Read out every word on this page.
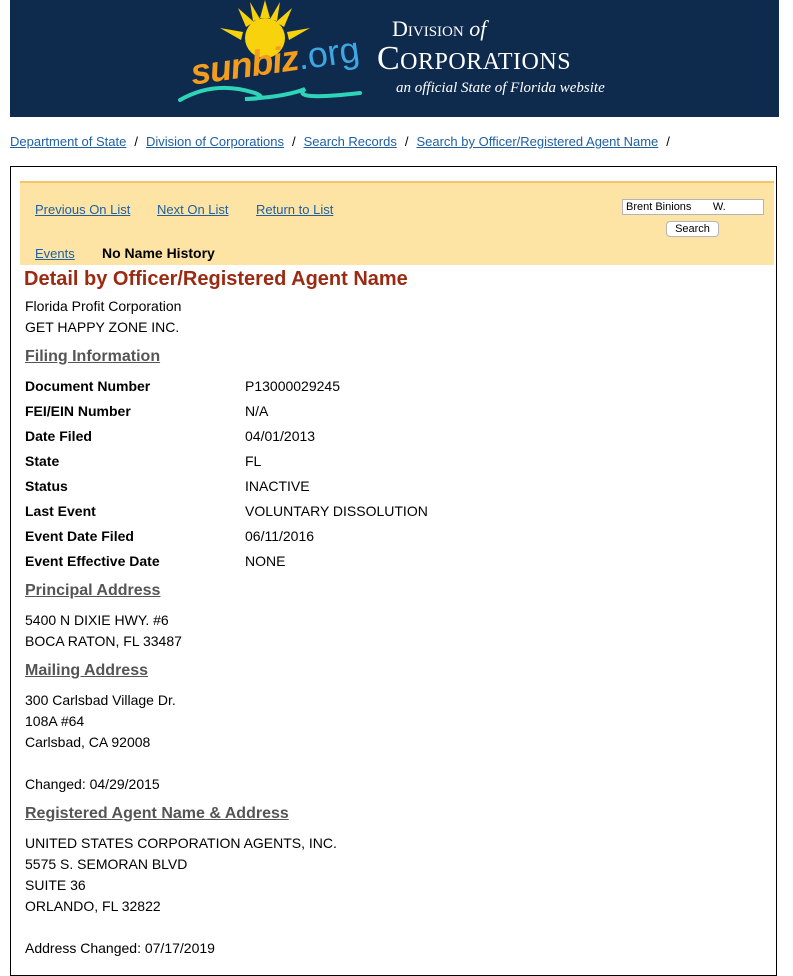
sunbiz.org Division of
Corporations
an official State of Florida website
Department of State / Division of Corporations / Search Records / Search by Officer/Registered Agent Name /
Previous On List Next On List Return to List
Brent Binions W.
Search
Events No Name History
Detail by Officer/Registered Agent Name
Florida Profit Corporation
GET HAPPY ZONE INC.
Filing Information
Document Number	P13000029245
FEI/EIN Number	N/A
Date Filed	04/01/2013
State	FL
Status	INACTIVE
Last Event	VOLUNTARY DISSOLUTION
Event Date Filed	06/11/2016
Event Effective Date	NONE
Principal Address
5400 N DIXIE HWY. #6
BOCA RATON, FL 33487
Mailing Address
300 Carlsbad Village Dr.
108A #64
Carlsbad, CA 92008
Changed: 04/29/2015
Registered Agent Name & Address
UNITED STATES CORPORATION AGENTS, INC.
5575 S. SEMORAN BLVD
SUITE 36
ORLANDO, FL 32822
Address Changed: 07/17/2019
